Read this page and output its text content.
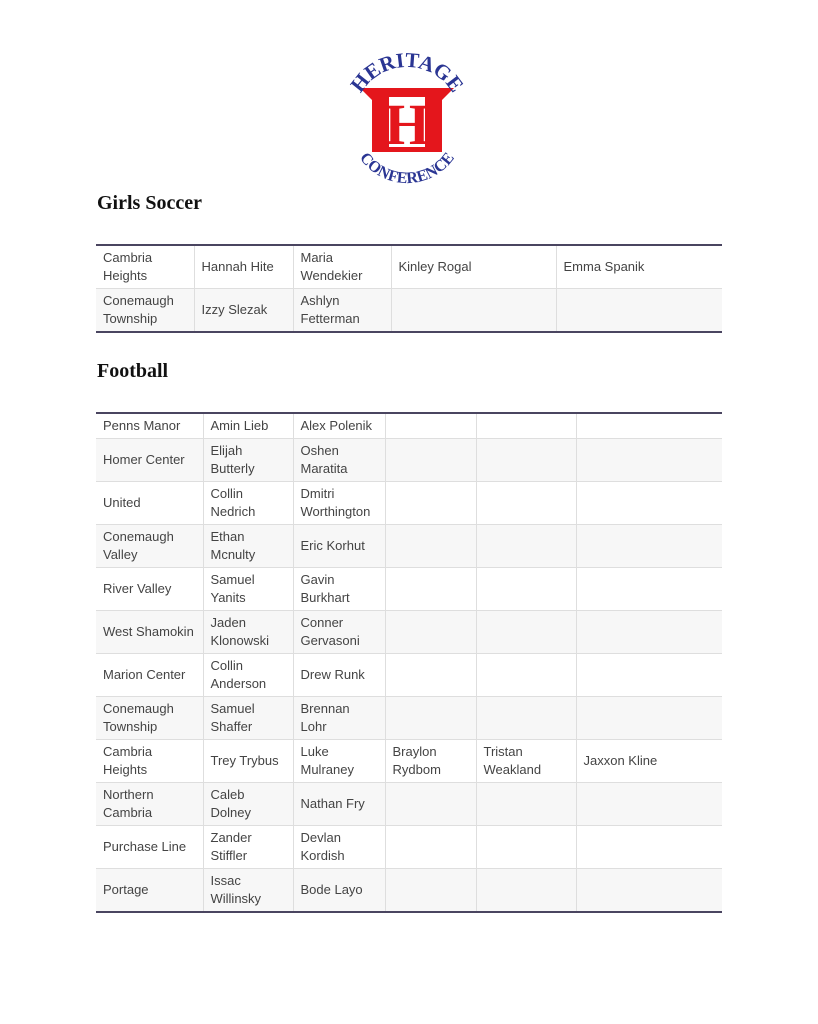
H
HERITAGE
CONFERENCE
Girls Soccer
Cambria Heights	Hannah Hite	Maria Wendekier	Kinley Rogal	Emma Spanik
Conemaugh Township	Izzy Slezak	Ashlyn Fetterman		
Football
Penns Manor	Amin Lieb	Alex Polenik			
Homer Center	Elijah Butterly	Oshen Maratita			
United	Collin Nedrich	Dmitri Worthington			
Conemaugh Valley	Ethan Mcnulty	Eric Korhut			
River Valley	Samuel Yanits	Gavin Burkhart			
West Shamokin	Jaden Klonowski	Conner Gervasoni			
Marion Center	Collin Anderson	Drew Runk			
Conemaugh Township	Samuel Shaffer	Brennan Lohr			
Cambria Heights	Trey Trybus	Luke Mulraney	Braylon Rydbom	Tristan Weakland	Jaxxon Kline
Northern Cambria	Caleb Dolney	Nathan Fry			
Purchase Line	Zander Stiffler	Devlan Kordish			
Portage	Issac Willinsky	Bode Layo			
